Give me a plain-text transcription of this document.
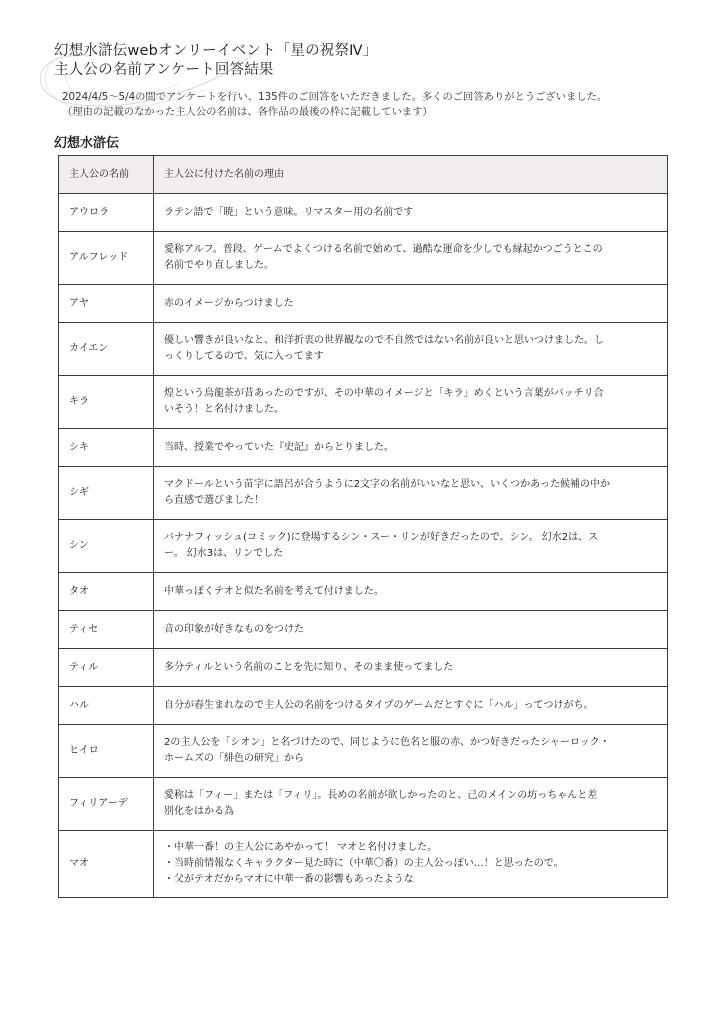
幻想水滸伝webオンリーイベント「星の祝祭Ⅳ」
主人公の名前アンケート回答結果
2024/4/5〜5/4の間でアンケートを行い、135件のご回答をいただきました。多くのご回答ありがとうございました。
（理由の記載のなかった主人公の名前は、各作品の最後の枠に記載しています）
幻想水滸伝
主人公の名前	主人公に付けた名前の理由
アウロラ	ラテン語で「暁」という意味。リマスター用の名前です

アルフレッド	愛称アルフ。普段、ゲームでよくつける名前で始めて、過酷な運命を少しでも縁起かつごうとこの
名前でやり直しました。

アヤ	赤のイメージからつけました

カイエン	優しい響きが良いなと、和洋折衷の世界観なので不自然ではない名前が良いと思いつけました。し
っくりしてるので、気に入ってます

キラ	煌という烏龍茶が昔あったのですが、その中華のイメージと「キラ」めくという言葉がバッチリ合
いそう！と名付けました。

シキ	当時、授業でやっていた『史記』からとりました。

シギ	マクドールという苗字に語呂が合うように2文字の名前がいいなと思い、いくつかあった候補の中か
ら直感で選びました！

シン	バナナフィッシュ(コミック)に登場するシン・スー・リンが好きだったので、シン。 幻水2は、ス
ー。 幻水3は、リンでした

タオ	中華っぽくテオと似た名前を考えて付けました。

ティセ	音の印象が好きなものをつけた

ティル	多分ティルという名前のことを先に知り、そのまま使ってました

ハル	自分が春生まれなので主人公の名前をつけるタイプのゲームだとすぐに「ハル」ってつけがち。

ヒイロ	2の主人公を「シオン」と名づけたので、同じように色名と服の赤、かつ好きだったシャーロック・
ホームズの「緋色の研究」から

フィリアーデ	愛称は「フィー」または「フィリ」。長めの名前が欲しかったのと、己のメインの坊っちゃんと差
別化をはかる為

マオ	・中華一番！の主人公にあやかって！ マオと名付けました。
・当時前情報なくキャラクター見た時に（中華〇番）の主人公っぽい…！と思ったので。
・父がテオだからマオに中華一番の影響もあったような
